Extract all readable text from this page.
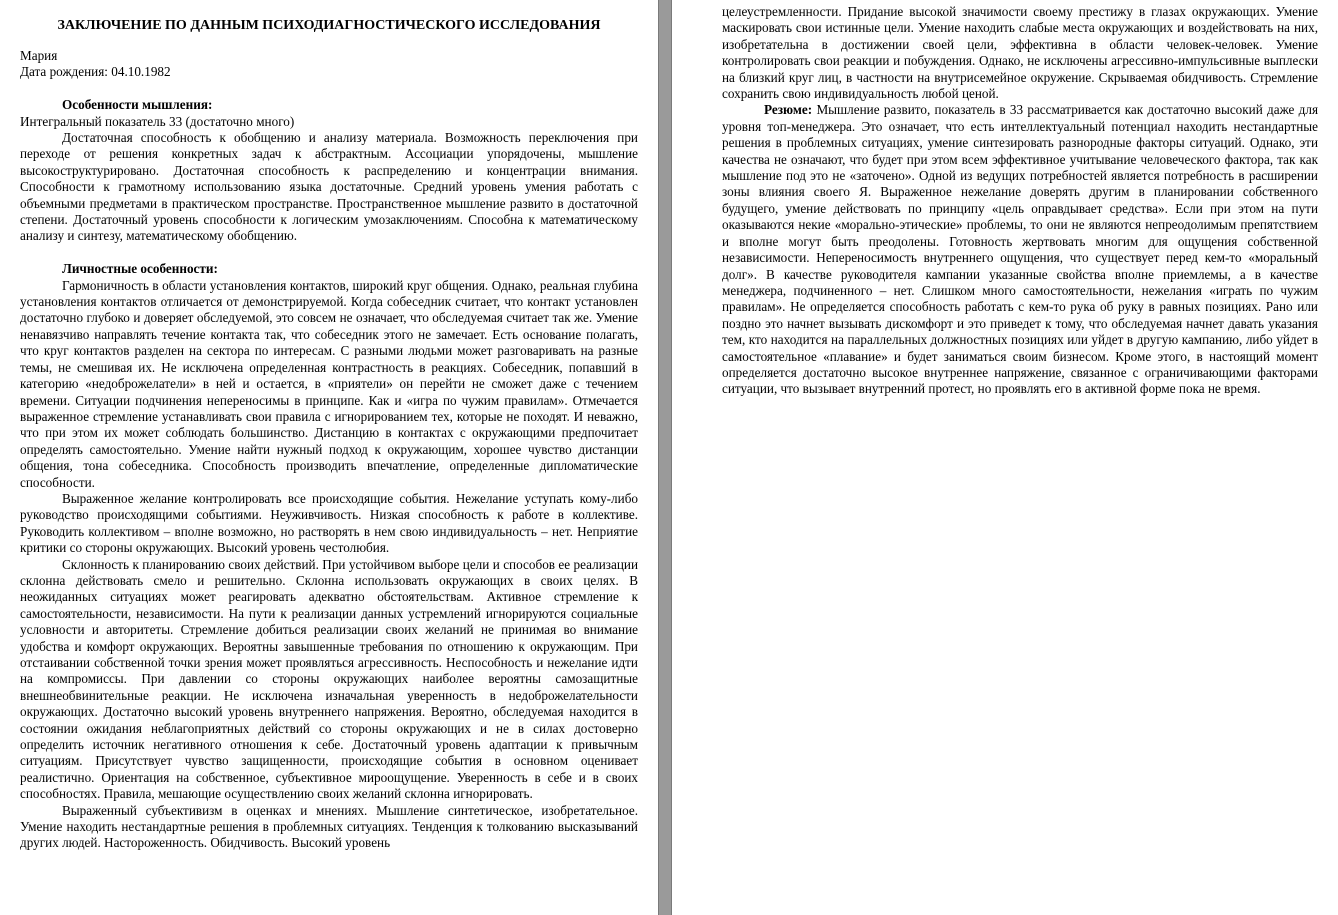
ЗАКЛЮЧЕНИЕ ПО ДАННЫМ ПСИХОДИАГНОСТИЧЕСКОГО ИССЛЕДОВАНИЯ

Мария

Дата рождения: 04.10.1982

Особенности мышления:

Интегральный показатель 33 (достаточно много)

Достаточная способность к обобщению и анализу материала. Возможность переключения при переходе от решения конкретных задач к абстрактным. Ассоциации упорядочены, мышление высокоструктурировано. Достаточная способность к распределению и концентрации внимания. Способности к грамотному использованию языка достаточные. Средний уровень умения работать с объемными предметами в практическом пространстве. Пространственное мышление развито в достаточной степени. Достаточный уровень способности к логическим умозаключениям. Способна к математическому анализу и синтезу, математическому обобщению.

Личностные особенности:

Гармоничность в области установления контактов, широкий круг общения. Однако, реальная глубина установления контактов отличается от демонстрируемой. Когда собеседник считает, что контакт установлен достаточно глубоко и доверяет обследуемой, это совсем не означает, что обследуемая считает так же. Умение ненавязчиво направлять течение контакта так, что собеседник этого не замечает. Есть основание полагать, что круг контактов разделен на сектора по интересам. С разными людьми может разговаривать на разные темы, не смешивая их. Не исключена определенная контрастность в реакциях. Собеседник, попавший в категорию «недоброжелатели» в ней и остается, в «приятели» он перейти не сможет даже с течением времени. Ситуации подчинения непереносимы в принципе. Как и «игра по чужим правилам». Отмечается выраженное стремление устанавливать свои правила с игнорированием тех, которые не походят. И неважно, что при этом их может соблюдать большинство. Дистанцию в контактах с окружающими предпочитает определять самостоятельно. Умение найти нужный подход к окружающим, хорошее чувство дистанции общения, тона собеседника. Способность производить впечатление, определенные дипломатические способности.

Выраженное желание контролировать все происходящие события. Нежелание уступать кому-либо руководство происходящими событиями. Неуживчивость. Низкая способность к работе в коллективе. Руководить коллективом – вполне возможно, но растворять в нем свою индивидуальность – нет. Неприятие критики со стороны окружающих. Высокий уровень честолюбия.

Склонность к планированию своих действий. При устойчивом выборе цели и способов ее реализации склонна действовать смело и решительно. Склонна использовать окружающих в своих целях. В неожиданных ситуациях может реагировать адекватно обстоятельствам. Активное стремление к самостоятельности, независимости. На пути к реализации данных устремлений игнорируются социальные условности и авторитеты. Стремление добиться реализации своих желаний не принимая во внимание удобства и комфорт окружающих. Вероятны завышенные требования по отношению к окружающим. При отстаивании собственной точки зрения может проявляться агрессивность. Неспособность и нежелание идти на компромиссы. При давлении со стороны окружающих наиболее вероятны самозащитные внешнеобвинительные реакции. Не исключена изначальная уверенность в недоброжелательности окружающих. Достаточно высокий уровень внутреннего напряжения. Вероятно, обследуемая находится в состоянии ожидания неблагоприятных действий со стороны окружающих и не в силах достоверно определить источник негативного отношения к себе. Достаточный уровень адаптации к привычным ситуациям. Присутствует чувство защищенности, происходящие события в основном оценивает реалистично. Ориентация на собственное, субъективное мироощущение. Уверенность в себе и в своих способностях. Правила, мешающие осуществлению своих желаний склонна игнорировать.

Выраженный субъективизм в оценках и мнениях. Мышление синтетическое, изобретательное. Умение находить нестандартные решения в проблемных ситуациях. Тенденция к толкованию высказываний других людей. Настороженность. Обидчивость. Высокий уровень

целеустремленности. Придание высокой значимости своему престижу в глазах окружающих. Умение маскировать свои истинные цели. Умение находить слабые места окружающих и воздействовать на них, изобретательна в достижении своей цели, эффективна в области человек-человек. Умение контролировать свои реакции и побуждения. Однако, не исключены агрессивно-импульсивные выплески на близкий круг лиц, в частности на внутрисемейное окружение. Скрываемая обидчивость. Стремление сохранить свою индивидуальность любой ценой.

Резюме: Мышление развито, показатель в 33 рассматривается как достаточно высокий даже для уровня топ-менеджера. Это означает, что есть интеллектуальный потенциал находить нестандартные решения в проблемных ситуациях, умение синтезировать разнородные факторы ситуаций. Однако, эти качества не означают, что будет при этом всем эффективное учитывание человеческого фактора, так как мышление под это не «заточено». Одной из ведущих потребностей является потребность в расширении зоны влияния своего Я. Выраженное нежелание доверять другим в планировании собственного будущего, умение действовать по принципу «цель оправдывает средства». Если при этом на пути оказываются некие «морально-этические» проблемы, то они не являются непреодолимым препятствием и вполне могут быть преодолены. Готовность жертвовать многим для ощущения собственной независимости. Непереносимость внутреннего ощущения, что существует перед кем-то «моральный долг». В качестве руководителя кампании указанные свойства вполне приемлемы, а в качестве менеджера, подчиненного – нет. Слишком много самостоятельности, нежелания «играть по чужим правилам». Не определяется способность работать с кем-то рука об руку в равных позициях. Рано или поздно это начнет вызывать дискомфорт и это приведет к тому, что обследуемая начнет давать указания тем, кто находится на параллельных должностных позициях или уйдет в другую кампанию, либо уйдет в самостоятельное «плавание» и будет заниматься своим бизнесом. Кроме этого, в настоящий момент определяется достаточно высокое внутреннее напряжение, связанное с ограничивающими факторами ситуации, что вызывает внутренний протест, но проявлять его в активной форме пока не время.
